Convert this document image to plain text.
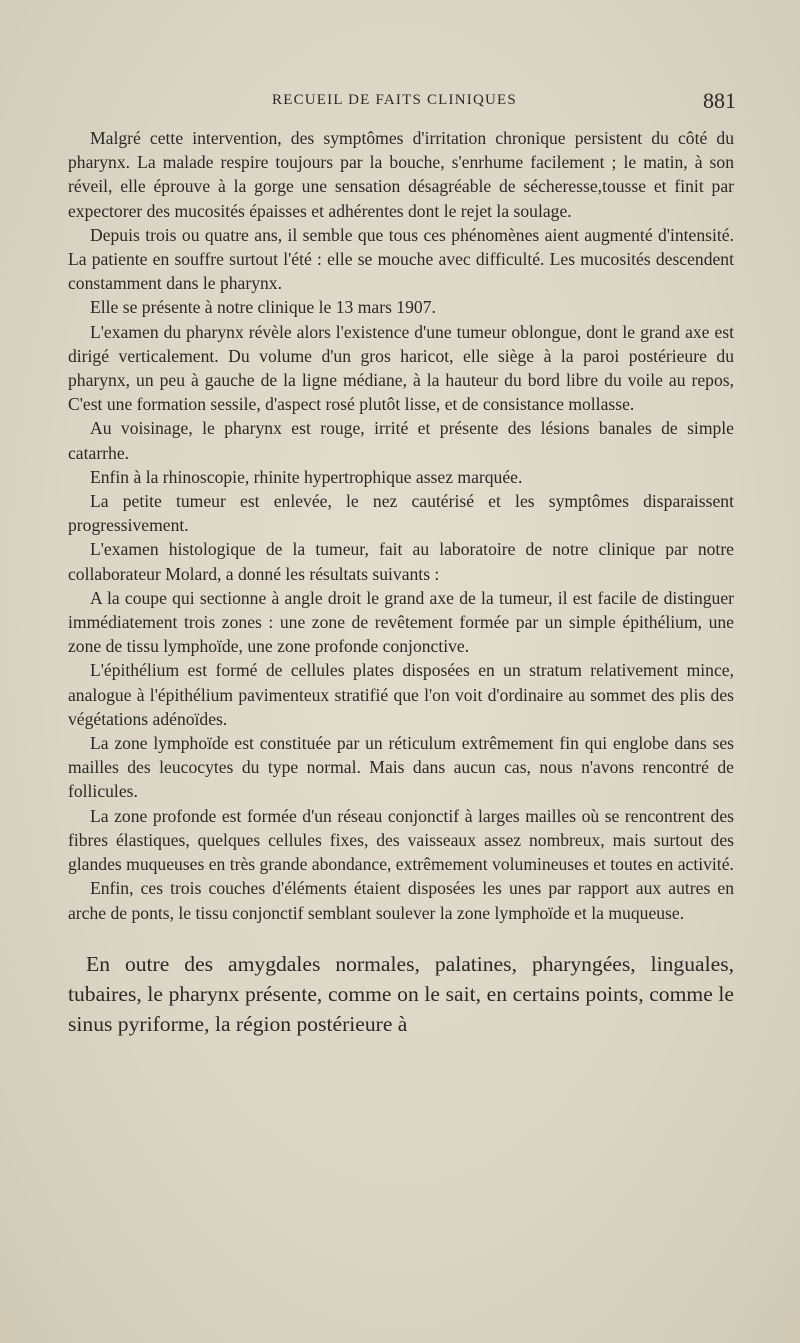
RECUEIL DE FAITS CLINIQUES	881

Malgré cette intervention, des symptômes d'irritation chronique persistent du côté du pharynx. La malade respire toujours par la bouche, s'enrhume facilement ; le matin, à son réveil, elle éprouve à la gorge une sensation désagréable de sécheresse,tousse et finit par expectorer des mucosités épaisses et adhérentes dont le rejet la soulage.

Depuis trois ou quatre ans, il semble que tous ces phénomènes aient augmenté d'intensité. La patiente en souffre surtout l'été : elle se mouche avec difficulté. Les mucosités descendent constamment dans le pharynx.

Elle se présente à notre clinique le 13 mars 1907.

L'examen du pharynx révèle alors l'existence d'une tumeur oblongue, dont le grand axe est dirigé verticalement. Du volume d'un gros haricot, elle siège à la paroi postérieure du pharynx, un peu à gauche de la ligne médiane, à la hauteur du bord libre du voile au repos, C'est une formation sessile, d'aspect rosé plutôt lisse, et de consistance mollasse.

Au voisinage, le pharynx est rouge, irrité et présente des lésions banales de simple catarrhe.

Enfin à la rhinoscopie, rhinite hypertrophique assez marquée.

La petite tumeur est enlevée, le nez cautérisé et les symptômes disparaissent progressivement.

L'examen histologique de la tumeur, fait au laboratoire de notre clinique par notre collaborateur Molard, a donné les résultats suivants :

A la coupe qui sectionne à angle droit le grand axe de la tumeur, il est facile de distinguer immédiatement trois zones : une zone de revêtement formée par un simple épithélium, une zone de tissu lymphoïde, une zone profonde conjonctive.

L'épithélium est formé de cellules plates disposées en un stratum relativement mince, analogue à l'épithélium pavimenteux stratifié que l'on voit d'ordinaire au sommet des plis des végétations adénoïdes.

La zone lymphoïde est constituée par un réticulum extrêmement fin qui englobe dans ses mailles des leucocytes du type normal. Mais dans aucun cas, nous n'avons rencontré de follicules.

La zone profonde est formée d'un réseau conjonctif à larges mailles où se rencontrent des fibres élastiques, quelques cellules fixes, des vaisseaux assez nombreux, mais surtout des glandes muqueuses en très grande abondance, extrêmement volumineuses et toutes en activité.

Enfin, ces trois couches d'éléments étaient disposées les unes par rapport aux autres en arche de ponts, le tissu conjonctif semblant soulever la zone lymphoïde et la muqueuse.

En outre des amygdales normales, palatines, pharyngées, linguales, tubaires, le pharynx présente, comme on le sait, en certains points, comme le sinus pyriforme, la région postérieure à
